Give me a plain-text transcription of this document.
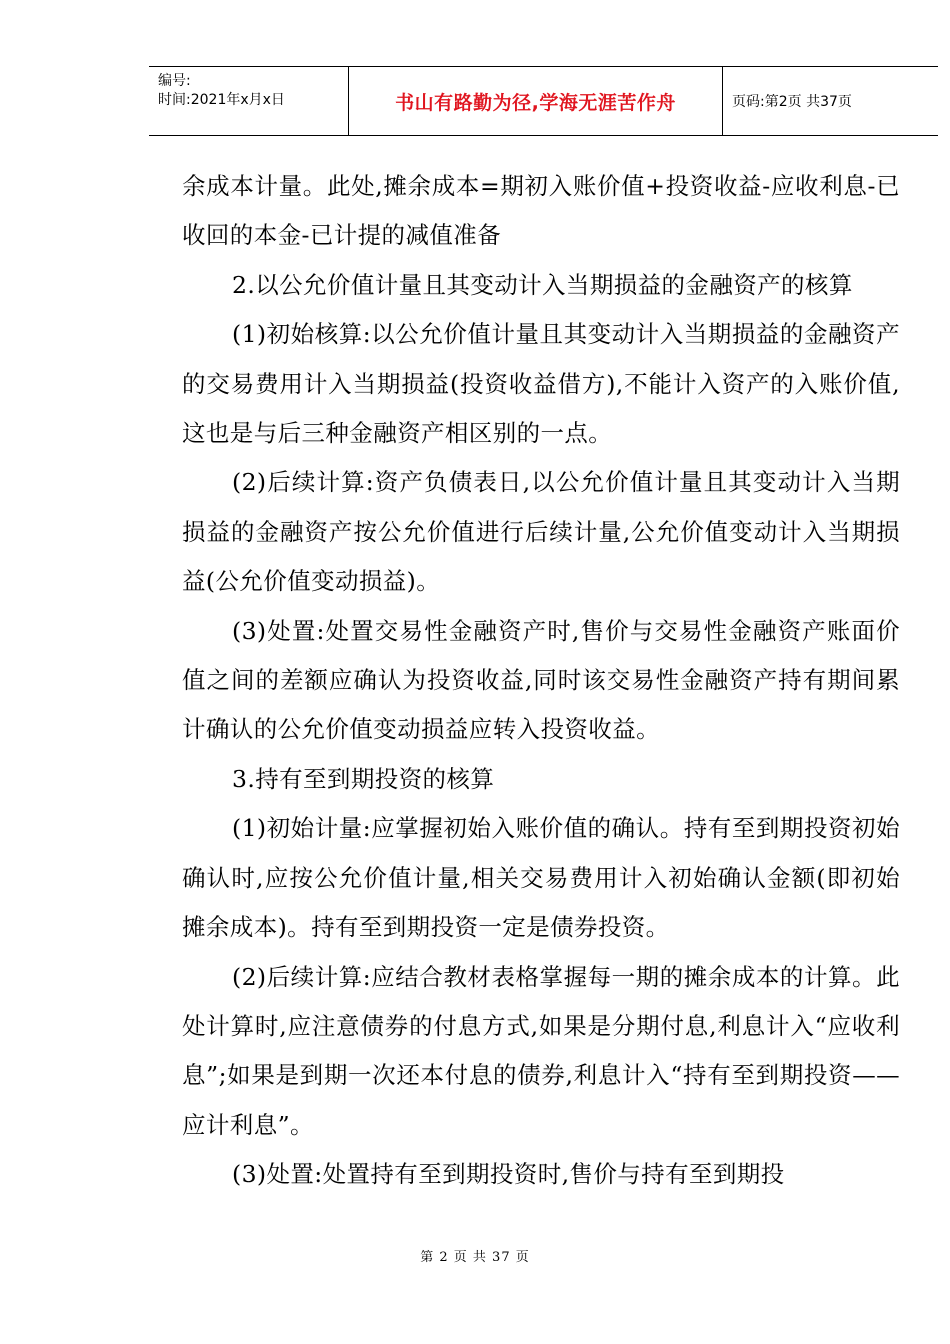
编号:
时间:2021年x月x日	书山有路勤为径,学海无涯苦作舟	页码:第2页 共37页

余成本计量。此处,摊余成本=期初入账价值+投资收益-应收利息-已收回的本金-已计提的减值准备

2.以公允价值计量且其变动计入当期损益的金融资产的核算

(1)初始核算:以公允价值计量且其变动计入当期损益的金融资产的交易费用计入当期损益(投资收益借方),不能计入资产的入账价值,这也是与后三种金融资产相区别的一点。

(2)后续计算:资产负债表日,以公允价值计量且其变动计入当期损益的金融资产按公允价值进行后续计量,公允价值变动计入当期损益(公允价值变动损益)。

(3)处置:处置交易性金融资产时,售价与交易性金融资产账面价值之间的差额应确认为投资收益,同时该交易性金融资产持有期间累计确认的公允价值变动损益应转入投资收益。

3.持有至到期投资的核算

(1)初始计量:应掌握初始入账价值的确认。持有至到期投资初始确认时,应按公允价值计量,相关交易费用计入初始确认金额(即初始摊余成本)。持有至到期投资一定是债券投资。

(2)后续计算:应结合教材表格掌握每一期的摊余成本的计算。此处计算时,应注意债券的付息方式,如果是分期付息,利息计入“应收利息”;如果是到期一次还本付息的债券,利息计入“持有至到期投资——应计利息”。

(3)处置:处置持有至到期投资时,售价与持有至到期投

第 2 页 共 37 页
